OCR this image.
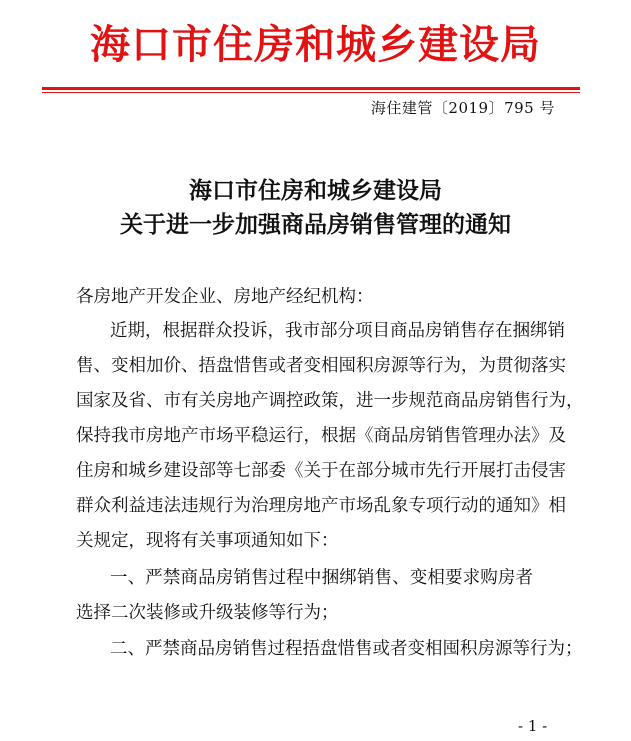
海口市住房和城乡建设局
海住建管〔2019〕795 号
海口市住房和城乡建设局
关于进一步加强商品房销售管理的通知
各房地产开发企业、房地产经纪机构：
近期，根据群众投诉，我市部分项目商品房销售存在捆绑销
售、变相加价、捂盘惜售或者变相囤积房源等行为，为贯彻落实
国家及省、市有关房地产调控政策，进一步规范商品房销售行为，
保持我市房地产市场平稳运行，根据《商品房销售管理办法》及
住房和城乡建设部等七部委《关于在部分城市先行开展打击侵害
群众利益违法违规行为治理房地产市场乱象专项行动的通知》相
关规定，现将有关事项通知如下：
一、严禁商品房销售过程中捆绑销售、变相要求购房者
选择二次装修或升级装修等行为；
二、严禁商品房销售过程捂盘惜售或者变相囤积房源等行为；
- 1 -
